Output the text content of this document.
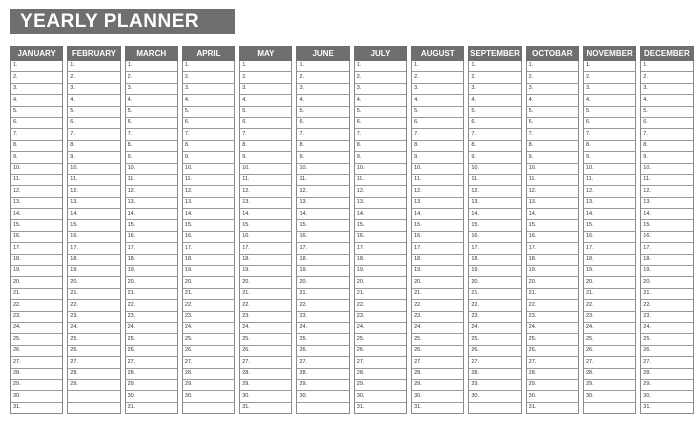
YEARLY PLANNER
JANUARY
1.
2.
3.
4.
5.
6.
7.
8.
9.
10.
11.
12.
13.
14.
15.
16.
17.
18.
19.
20.
21.
22.
23.
24.
25.
26.
27.
28.
29.
30.
31.
FEBRUARY
1.
2.
3.
4.
5.
6.
7.
8.
9.
10.
11.
12.
13.
14.
15.
16.
17.
18.
19.
20.
21.
22.
23.
24.
25.
26.
27.
28.
29.
MARCH
1.
2.
3.
4.
5.
6.
7.
8.
9.
10.
11.
12.
13.
14.
15.
16.
17.
18.
19.
20.
21.
22.
23.
24.
25.
26.
27.
28.
29.
30.
31.
APRIL
1.
2.
3.
4.
5.
6.
7.
8.
9.
10.
11.
12.
13.
14.
15.
16.
17.
18.
19.
20.
21.
22.
23.
24.
25.
26.
27.
28.
29.
30.
MAY
1.
2.
3.
4.
5.
6.
7.
8.
9.
10.
11.
12.
13.
14.
15.
16.
17.
18.
19.
20.
21.
22.
23.
24.
25.
26.
27.
28.
29.
30.
31.
JUNE
1.
2.
3.
4.
5.
6.
7.
8.
9.
10.
11.
12.
13.
14.
15.
16.
17.
18.
19.
20.
21.
22.
23.
24.
25.
26.
27.
28.
29.
30.
JULY
1.
2.
3.
4.
5.
6.
7.
8.
9.
10.
11.
12.
13.
14.
15.
16.
17.
18.
19.
20.
21.
22.
23.
24.
25.
26.
27.
28.
29.
30.
31.
AUGUST
1.
2.
3.
4.
5.
6.
7.
8.
9.
10.
11.
12.
13.
14.
15.
16.
17.
18.
19.
20.
21.
22.
23.
24.
25.
26.
27.
28.
29.
30.
31.
SEPTEMBER
1.
2.
3.
4.
5.
6.
7.
8.
9.
10.
11.
12.
13.
14.
15.
16.
17.
18.
19.
20.
21.
22.
23.
24.
25.
26.
27.
28.
29.
30.
OCTOBAR
1.
2.
3.
4.
5.
6.
7.
8.
9.
10.
11.
12.
13.
14.
15.
16.
17.
18.
19.
20.
21.
22.
23.
24.
25.
26.
27.
28.
29.
30.
31.
NOVEMBER
1.
2.
3.
4.
5.
6.
7.
8.
9.
10.
11.
12.
13.
14.
15.
16.
17.
18.
19.
20.
21.
22.
23.
24.
25.
26.
27.
28.
29.
30.
DECEMBER
1.
2.
3.
4.
5.
6.
7.
8.
9.
10.
11.
12.
13.
14.
15.
16.
17.
18.
19.
20.
21.
22.
23.
24.
25.
26.
27.
28.
29.
30.
31.
